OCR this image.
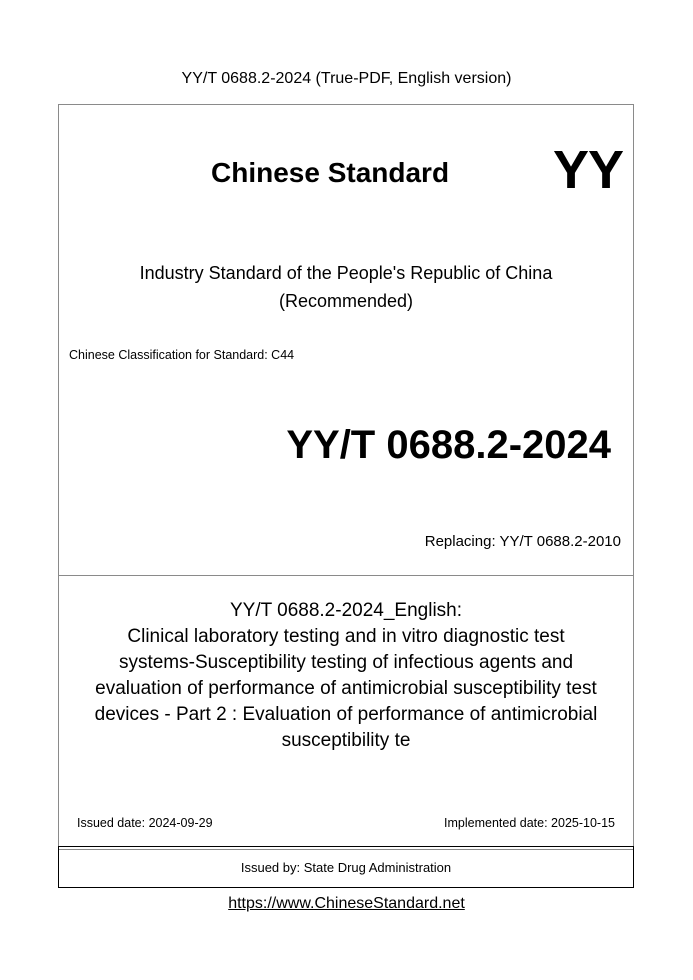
YY/T 0688.2-2024 (True-PDF, English version)
Chinese Standard YY
Industry Standard of the People's Republic of China
(Recommended)
Chinese Classification for Standard: C44
YY/T 0688.2-2024
Replacing: YY/T 0688.2-2010
YY/T 0688.2-2024_English:
Clinical laboratory testing and in vitro diagnostic test
systems-Susceptibility testing of infectious agents and
evaluation of performance of antimicrobial susceptibility test
devices - Part 2 : Evaluation of performance of antimicrobial
susceptibility te
Issued date: 2024-09-29	Implemented date: 2025-10-15
Issued by: State Drug Administration
https://www.ChineseStandard.net
